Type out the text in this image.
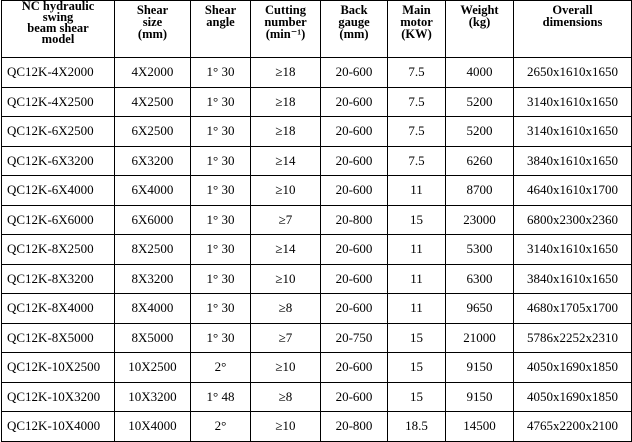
NC hydraulic
swing
beam shear
model	Shear
size
(mm)	Shear
angle	Cutting
number
(min⁻¹)	Back
gauge
(mm)	Main
motor
(KW)	Weight
(kg)	Overall
dimensions

QC12K-4X2000	4X2000	1° 30	≥18	20-600	7.5	4000	2650x1610x1650
QC12K-4X2500	4X2500	1° 30	≥18	20-600	7.5	5200	3140x1610x1650
QC12K-6X2500	6X2500	1° 30	≥18	20-600	7.5	5200	3140x1610x1650
QC12K-6X3200	6X3200	1° 30	≥14	20-600	7.5	6260	3840x1610x1650
QC12K-6X4000	6X4000	1° 30	≥10	20-600	11	8700	4640x1610x1700
QC12K-6X6000	6X6000	1° 30	≥7	20-800	15	23000	6800x2300x2360
QC12K-8X2500	8X2500	1° 30	≥14	20-600	11	5300	3140x1610x1650
QC12K-8X3200	8X3200	1° 30	≥10	20-600	11	6300	3840x1610x1650
QC12K-8X4000	8X4000	1° 30	≥8	20-600	11	9650	4680x1705x1700
QC12K-8X5000	8X5000	1° 30	≥7	20-750	15	21000	5786x2252x2310
QC12K-10X2500	10X2500	2°	≥10	20-600	15	9150	4050x1690x1850
QC12K-10X3200	10X3200	1° 48	≥8	20-600	15	9150	4050x1690x1850
QC12K-10X4000	10X4000	2°	≥10	20-800	18.5	14500	4765x2200x2100
